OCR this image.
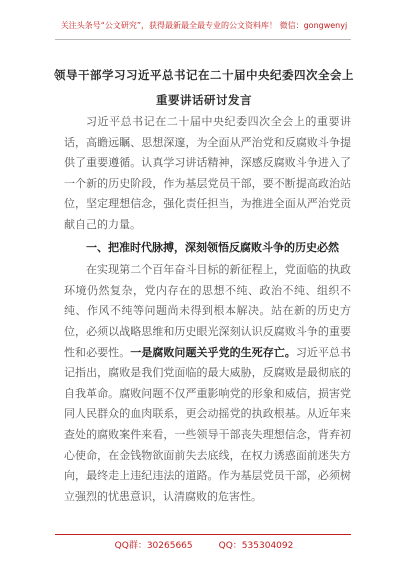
关注头条号“公文研究”，获得最新最全最专业的公文资料库！ 微信：gongwenyj
领导干部学习习近平总书记在二十届中央纪委四次全会上
重要讲话研讨发言

习近平总书记在二十届中央纪委四次全会上的重要讲话，高瞻远瞩、思想深邃，为全面从严治党和反腐败斗争提供了重要遵循。认真学习讲话精神，深感反腐败斗争进入了一个新的历史阶段，作为基层党员干部，要不断提高政治站位，坚定理想信念，强化责任担当，为推进全面从严治党贡献自己的力量。

一、把准时代脉搏，深刻领悟反腐败斗争的历史必然

在实现第二个百年奋斗目标的新征程上，党面临的执政环境仍然复杂，党内存在的思想不纯、政治不纯、组织不纯、作风不纯等问题尚未得到根本解决。站在新的历史方位，必须以战略思维和历史眼光深刻认识反腐败斗争的重要性和必要性。一是腐败问题关乎党的生死存亡。习近平总书记指出，腐败是我们党面临的最大威胁，反腐败是最彻底的自我革命。腐败问题不仅严重影响党的形象和威信，损害党同人民群众的血肉联系，更会动摇党的执政根基。从近年来查处的腐败案件来看，一些领导干部丧失理想信念，背弃初心使命，在金钱物欲面前失去底线，在权力诱惑面前迷失方向，最终走上违纪违法的道路。作为基层党员干部，必须树立强烈的忧患意识，认清腐败的危害性。

QQ群：30265665	QQ：535304092
